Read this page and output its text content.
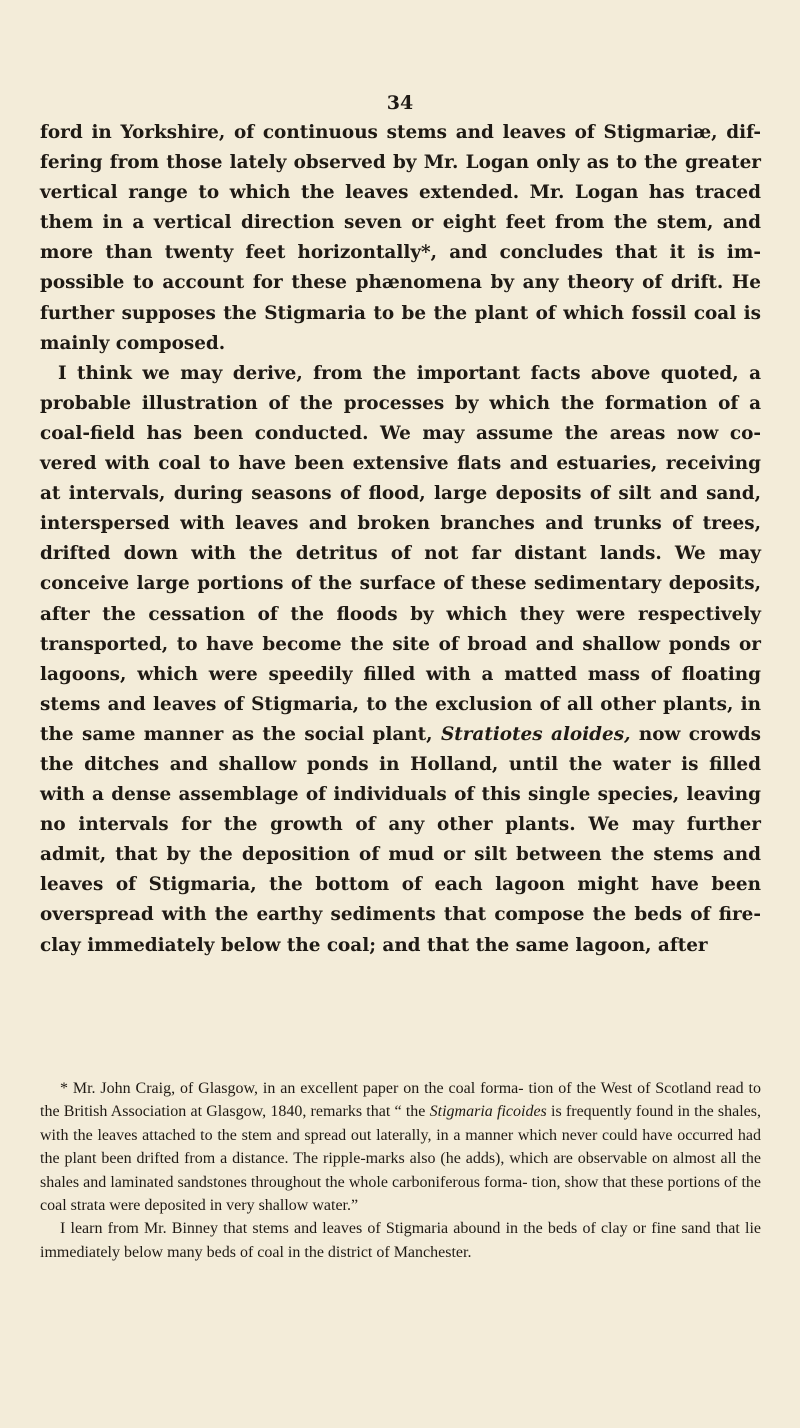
34

ford in Yorkshire, of continuous stems and leaves of Stigmariæ, dif- fering from those lately observed by Mr. Logan only as to the greater vertical range to which the leaves extended. Mr. Logan has traced them in a vertical direction seven or eight feet from the stem, and more than twenty feet horizontally*, and concludes that it is im- possible to account for these phænomena by any theory of drift. He further supposes the Stigmaria to be the plant of which fossil coal is mainly composed.

I think we may derive, from the important facts above quoted, a probable illustration of the processes by which the formation of a coal-field has been conducted. We may assume the areas now co- vered with coal to have been extensive flats and estuaries, receiving at intervals, during seasons of flood, large deposits of silt and sand, interspersed with leaves and broken branches and trunks of trees, drifted down with the detritus of not far distant lands. We may conceive large portions of the surface of these sedimentary deposits, after the cessation of the floods by which they were respectively transported, to have become the site of broad and shallow ponds or lagoons, which were speedily filled with a matted mass of floating stems and leaves of Stigmaria, to the exclusion of all other plants, in the same manner as the social plant, Stratiotes aloides, now crowds the ditches and shallow ponds in Holland, until the water is filled with a dense assemblage of individuals of this single species, leaving no intervals for the growth of any other plants. We may further admit, that by the deposition of mud or silt between the stems and leaves of Stigmaria, the bottom of each lagoon might have been overspread with the earthy sediments that compose the beds of fire- clay immediately below the coal; and that the same lagoon, after

* Mr. John Craig, of Glasgow, in an excellent paper on the coal forma- tion of the West of Scotland read to the British Association at Glasgow, 1840, remarks that “ the Stigmaria ficoides is frequently found in the shales, with the leaves attached to the stem and spread out laterally, in a manner which never could have occurred had the plant been drifted from a distance. The ripple-marks also (he adds), which are observable on almost all the shales and laminated sandstones throughout the whole carboniferous forma- tion, show that these portions of the coal strata were deposited in very shallow water.”

I learn from Mr. Binney that stems and leaves of Stigmaria abound in the beds of clay or fine sand that lie immediately below many beds of coal in the district of Manchester.
